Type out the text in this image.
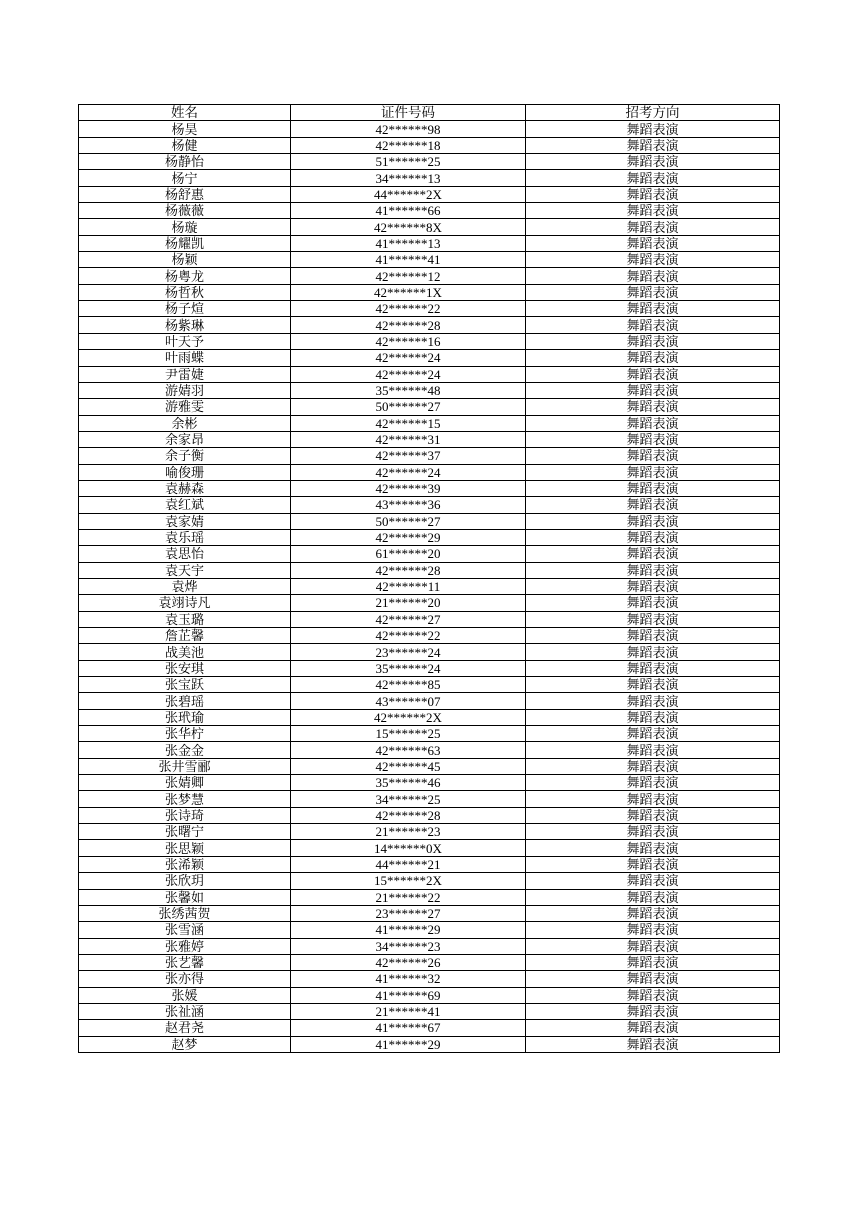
姓名	证件号码	招考方向
杨昊	42******98	舞蹈表演
杨健	42******18	舞蹈表演
杨静怡	51******25	舞蹈表演
杨宁	34******13	舞蹈表演
杨舒惠	44******2X	舞蹈表演
杨薇薇	41******66	舞蹈表演
杨璇	42******8X	舞蹈表演
杨耀凯	41******13	舞蹈表演
杨颖	41******41	舞蹈表演
杨粤龙	42******12	舞蹈表演
杨哲秋	42******1X	舞蹈表演
杨子煊	42******22	舞蹈表演
杨紫琳	42******28	舞蹈表演
叶天予	42******16	舞蹈表演
叶雨蝶	42******24	舞蹈表演
尹雷婕	42******24	舞蹈表演
游婧羽	35******48	舞蹈表演
游雅雯	50******27	舞蹈表演
余彬	42******15	舞蹈表演
余家昂	42******31	舞蹈表演
余子衡	42******37	舞蹈表演
喻俊珊	42******24	舞蹈表演
袁赫森	42******39	舞蹈表演
袁红斌	43******36	舞蹈表演
袁家婧	50******27	舞蹈表演
袁乐瑶	42******29	舞蹈表演
袁思怡	61******20	舞蹈表演
袁天宇	42******28	舞蹈表演
袁烨	42******11	舞蹈表演
袁翊诗凡	21******20	舞蹈表演
袁玉璐	42******27	舞蹈表演
詹芷馨	42******22	舞蹈表演
战美池	23******24	舞蹈表演
张安琪	35******24	舞蹈表演
张宝跃	42******85	舞蹈表演
张碧瑶	43******07	舞蹈表演
张玳瑜	42******2X	舞蹈表演
张华柠	15******25	舞蹈表演
张金金	42******63	舞蹈表演
张井雪郦	42******45	舞蹈表演
张婧卿	35******46	舞蹈表演
张梦慧	34******25	舞蹈表演
张诗琦	42******28	舞蹈表演
张曙宁	21******23	舞蹈表演
张思颖	14******0X	舞蹈表演
张浠颖	44******21	舞蹈表演
张欣玥	15******2X	舞蹈表演
张馨如	21******22	舞蹈表演
张绣茜贺	23******27	舞蹈表演
张雪涵	41******29	舞蹈表演
张雅婷	34******23	舞蹈表演
张艺馨	42******26	舞蹈表演
张亦得	41******32	舞蹈表演
张媛	41******69	舞蹈表演
张祉涵	21******41	舞蹈表演
赵君尧	41******67	舞蹈表演
赵梦	41******29	舞蹈表演
